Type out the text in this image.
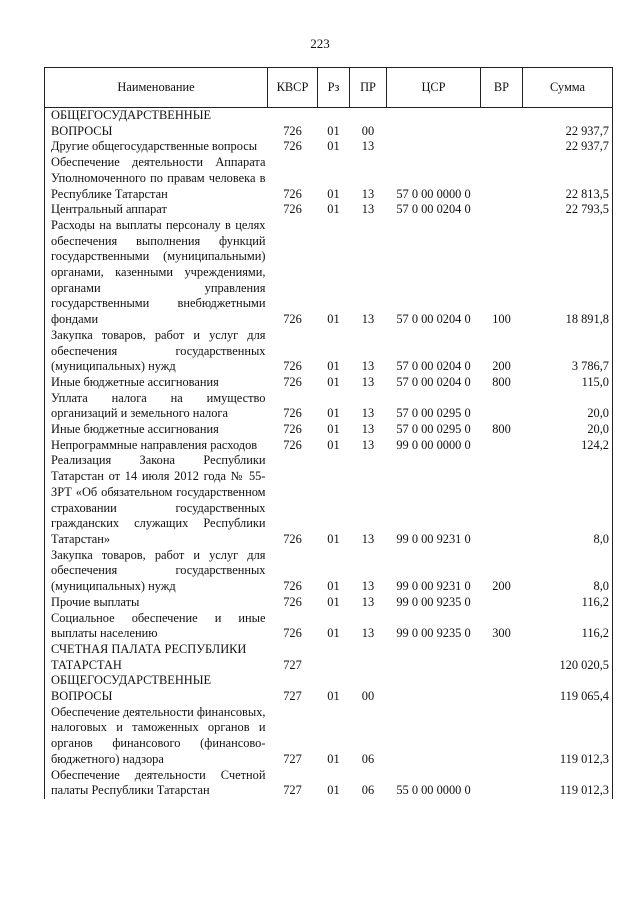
223
Наименование	КВСР	Рз	ПР	ЦСР	ВР	Сумма
ОБЩЕГОСУДАРСТВЕННЫЕ ВОПРОСЫ	726	01	00			22 937,7
Другие общегосударственные вопросы	726	01	13			22 937,7
Обеспечение деятельности Аппарата Уполномоченного по правам человека в Республике Татарстан	726	01	13	57 0 00 0000 0		22 813,5
Центральный аппарат	726	01	13	57 0 00 0204 0		22 793,5
Расходы на выплаты персоналу в целях обеспечения выполнения функций государственными (муниципальными) органами, казенными учреждениями, органами управления государственными внебюджетными фондами	726	01	13	57 0 00 0204 0	100	18 891,8
Закупка товаров, работ и услуг для обеспечения государственных (муниципальных) нужд	726	01	13	57 0 00 0204 0	200	3 786,7
Иные бюджетные ассигнования	726	01	13	57 0 00 0204 0	800	115,0
Уплата налога на имущество организаций и земельного налога	726	01	13	57 0 00 0295 0		20,0
Иные бюджетные ассигнования	726	01	13	57 0 00 0295 0	800	20,0
Непрограммные направления расходов	726	01	13	99 0 00 0000 0		124,2
Реализация Закона Республики Татарстан от 14 июля 2012 года № 55-ЗРТ «Об обязательном государственном страховании государственных гражданских служащих Республики Татарстан»	726	01	13	99 0 00 9231 0		8,0
Закупка товаров, работ и услуг для обеспечения государственных (муниципальных) нужд	726	01	13	99 0 00 9231 0	200	8,0
Прочие выплаты	726	01	13	99 0 00 9235 0		116,2
Социальное обеспечение и иные выплаты населению	726	01	13	99 0 00 9235 0	300	116,2
СЧЕТНАЯ ПАЛАТА РЕСПУБЛИКИ ТАТАРСТАН	727					120 020,5
ОБЩЕГОСУДАРСТВЕННЫЕ ВОПРОСЫ	727	01	00			119 065,4
Обеспечение деятельности финансовых, налоговых и таможенных органов и органов финансового (финансово-бюджетного) надзора	727	01	06			119 012,3
Обеспечение деятельности Счетной палаты Республики Татарстан	727	01	06	55 0 00 0000 0		119 012,3
